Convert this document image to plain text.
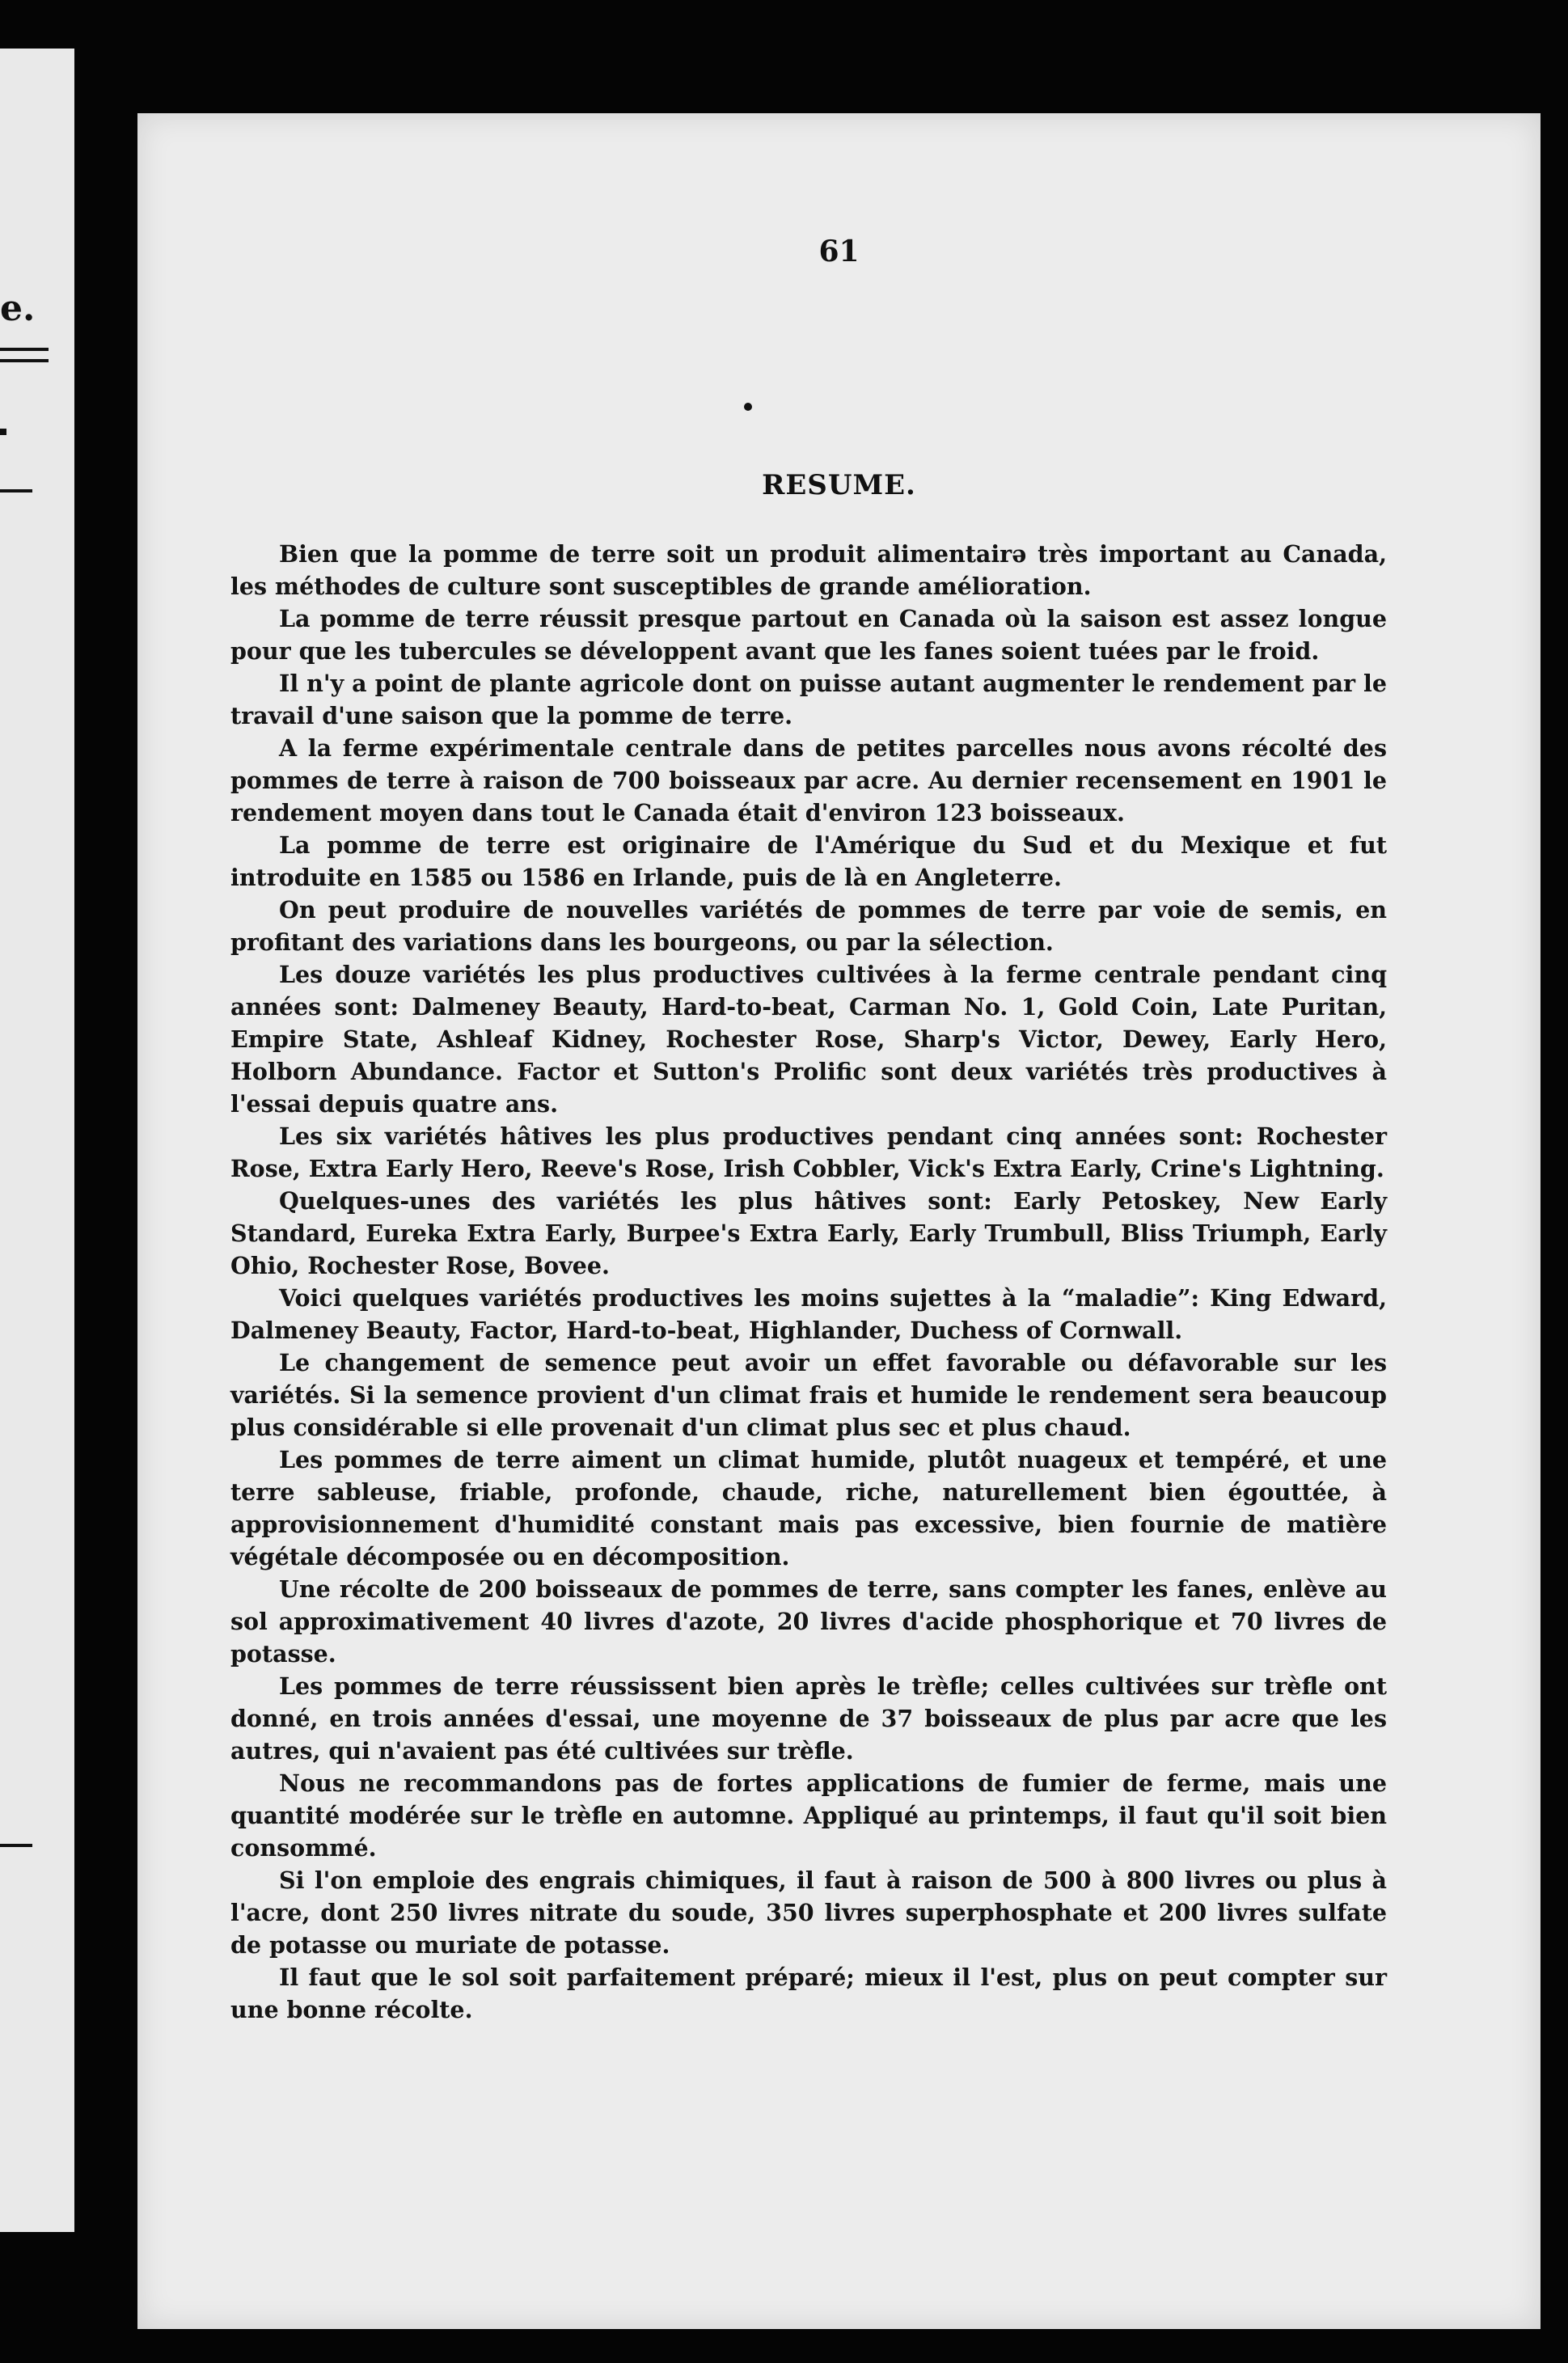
e.
61
RESUME.

Bien que la pomme de terre soit un produit alimentairə très important au Canada, les méthodes de culture sont susceptibles de grande amélioration.

La pomme de terre réussit presque partout en Canada où la saison est assez longue pour que les tubercules se développent avant que les fanes soient tuées par le froid.

Il n'y a point de plante agricole dont on puisse autant augmenter le rendement par le travail d'une saison que la pomme de terre.

A la ferme expérimentale centrale dans de petites parcelles nous avons récolté des pommes de terre à raison de 700 boisseaux par acre. Au dernier recensement en 1901 le rendement moyen dans tout le Canada était d'environ 123 boisseaux.

La pomme de terre est originaire de l'Amérique du Sud et du Mexique et fut introduite en 1585 ou 1586 en Irlande, puis de là en Angleterre.

On peut produire de nouvelles variétés de pommes de terre par voie de semis, en profitant des variations dans les bourgeons, ou par la sélection.

Les douze variétés les plus productives cultivées à la ferme centrale pendant cinq années sont: Dalmeney Beauty, Hard-to-beat, Carman No. 1, Gold Coin, Late Puritan, Empire State, Ashleaf Kidney, Rochester Rose, Sharp's Victor, Dewey, Early Hero, Holborn Abundance. Factor et Sutton's Prolific sont deux variétés très productives à l'essai depuis quatre ans.

Les six variétés hâtives les plus productives pendant cinq années sont: Rochester Rose, Extra Early Hero, Reeve's Rose, Irish Cobbler, Vick's Extra Early, Crine's Lightning.

Quelques-unes des variétés les plus hâtives sont: Early Petoskey, New Early Standard, Eureka Extra Early, Burpee's Extra Early, Early Trumbull, Bliss Triumph, Early Ohio, Rochester Rose, Bovee.

Voici quelques variétés productives les moins sujettes à la “maladie”: King Edward, Dalmeney Beauty, Factor, Hard-to-beat, Highlander, Duchess of Cornwall.

Le changement de semence peut avoir un effet favorable ou défavorable sur les variétés. Si la semence provient d'un climat frais et humide le rendement sera beaucoup plus considérable si elle provenait d'un climat plus sec et plus chaud.

Les pommes de terre aiment un climat humide, plutôt nuageux et tempéré, et une terre sableuse, friable, profonde, chaude, riche, naturellement bien égouttée, à approvisionnement d'humidité constant mais pas excessive, bien fournie de matière végétale décomposée ou en décomposition.

Une récolte de 200 boisseaux de pommes de terre, sans compter les fanes, enlève au sol approximativement 40 livres d'azote, 20 livres d'acide phosphorique et 70 livres de potasse.

Les pommes de terre réussissent bien après le trèfle; celles cultivées sur trèfle ont donné, en trois années d'essai, une moyenne de 37 boisseaux de plus par acre que les autres, qui n'avaient pas été cultivées sur trèfle.

Nous ne recommandons pas de fortes applications de fumier de ferme, mais une quantité modérée sur le trèfle en automne. Appliqué au printemps, il faut qu'il soit bien consommé.

Si l'on emploie des engrais chimiques, il faut à raison de 500 à 800 livres ou plus à l'acre, dont 250 livres nitrate du soude, 350 livres superphosphate et 200 livres sulfate de potasse ou muriate de potasse.

Il faut que le sol soit parfaitement préparé; mieux il l'est, plus on peut compter sur une bonne récolte.
